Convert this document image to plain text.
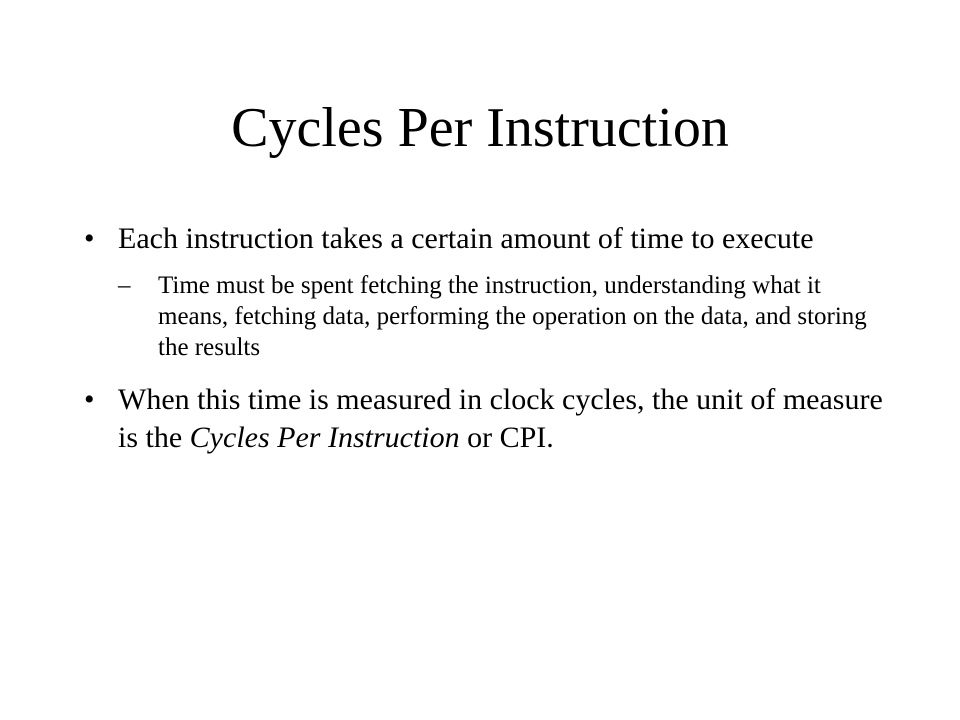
Cycles Per Instruction
• Each instruction takes a certain amount of time to execute
– Time must be spent fetching the instruction, understanding what it means, fetching data, performing the operation on the data, and storing the results
• When this time is measured in clock cycles, the unit of measure is the Cycles Per Instruction or CPI.
